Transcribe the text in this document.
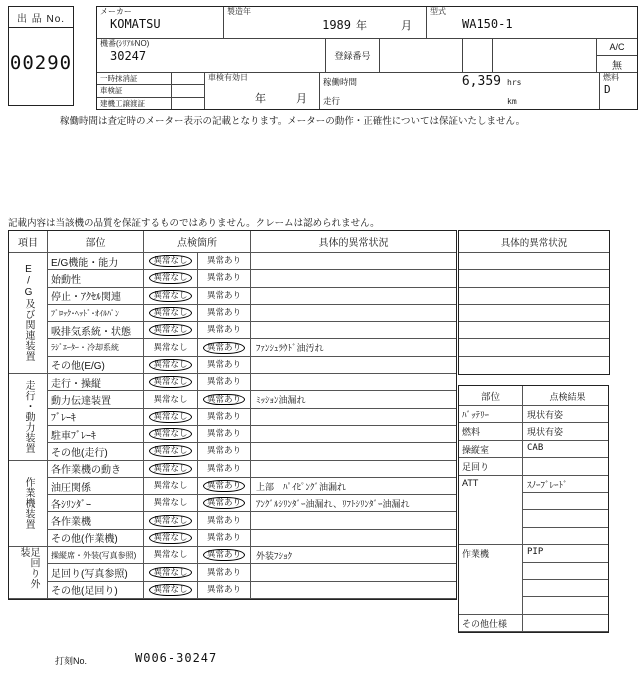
出 品 No.
00290
メーカー
KOMATSU
製造年
1989 年	月
型式
WA150-1
機番(ｼﾘｱﾙNO)
30247	登録番号
A/C
無
一時抹消証
車検証
建機工譲渡証
車検有効日
年	月
稼働時間	6,359 hrs
走行	km
燃料
D
稼働時間は査定時のメーター表示の記載となります。メーターの動作・正確性については保証いたしません。
記載内容は当該機の品質を保証するものではありません。クレームは認められません。
項目	部位	点検箇所	具体的異常状況
E/G及び関連装置
E/G機能・能力	異常なし	異常あり
始動性	異常なし	異常あり
停止・ｱｸｾﾙ関連	異常なし	異常あり
ﾌﾞﾛｯｸ･ﾍｯﾄﾞ･ｵｲﾙﾊﾟﾝ	異常なし	異常あり
吸排気系統・状態	異常なし	異常あり
ﾗｼﾞｴｰﾀｰ・冷却系統	異常なし	異常あり	ﾌｧﾝｼｭﾗｳﾄﾞ油汚れ
その他(E/G)	異常なし	異常あり
走行・動力装置	走行・操縦	異常なし	異常あり
動力伝達装置	異常なし	異常あり	ﾐｯｼｮﾝ油漏れ
ﾌﾞﾚｰｷ	異常なし	異常あり
駐車ﾌﾞﾚｰｷ	異常なし	異常あり
その他(走行)	異常なし	異常あり
作業機装置
各作業機の動き	異常なし	異常あり
油圧関係	異常なし	異常あり	上部　ﾊﾟｲﾋﾟﾝｸﾞ油漏れ
各ｼﾘﾝﾀﾞｰ	異常なし	異常あり	ｱﾝｸﾞﾙｼﾘﾝﾀﾞｰ油漏れ、ﾘﾌﾄｼﾘﾝﾀﾞｰ油漏れ
各作業機	異常なし	異常あり
その他(作業機)	異常なし	異常あり
足回り外装	操縦席・外装(写真参照)	異常なし	異常あり	外装ﾌｼｮｸ
足回り(写真参照)	異常なし	異常あり
その他(足回り)	異常なし	異常あり
具体的異常状況
部位	点検結果
ﾊﾞｯﾃﾘｰ	現状有姿
燃料	現状有姿
操縦室	CAB
足回り
ATT	ｽﾉｰﾌﾞﾚｰﾄﾞ
作業機	PIP
その他仕様
打刻No.	W006-30247
